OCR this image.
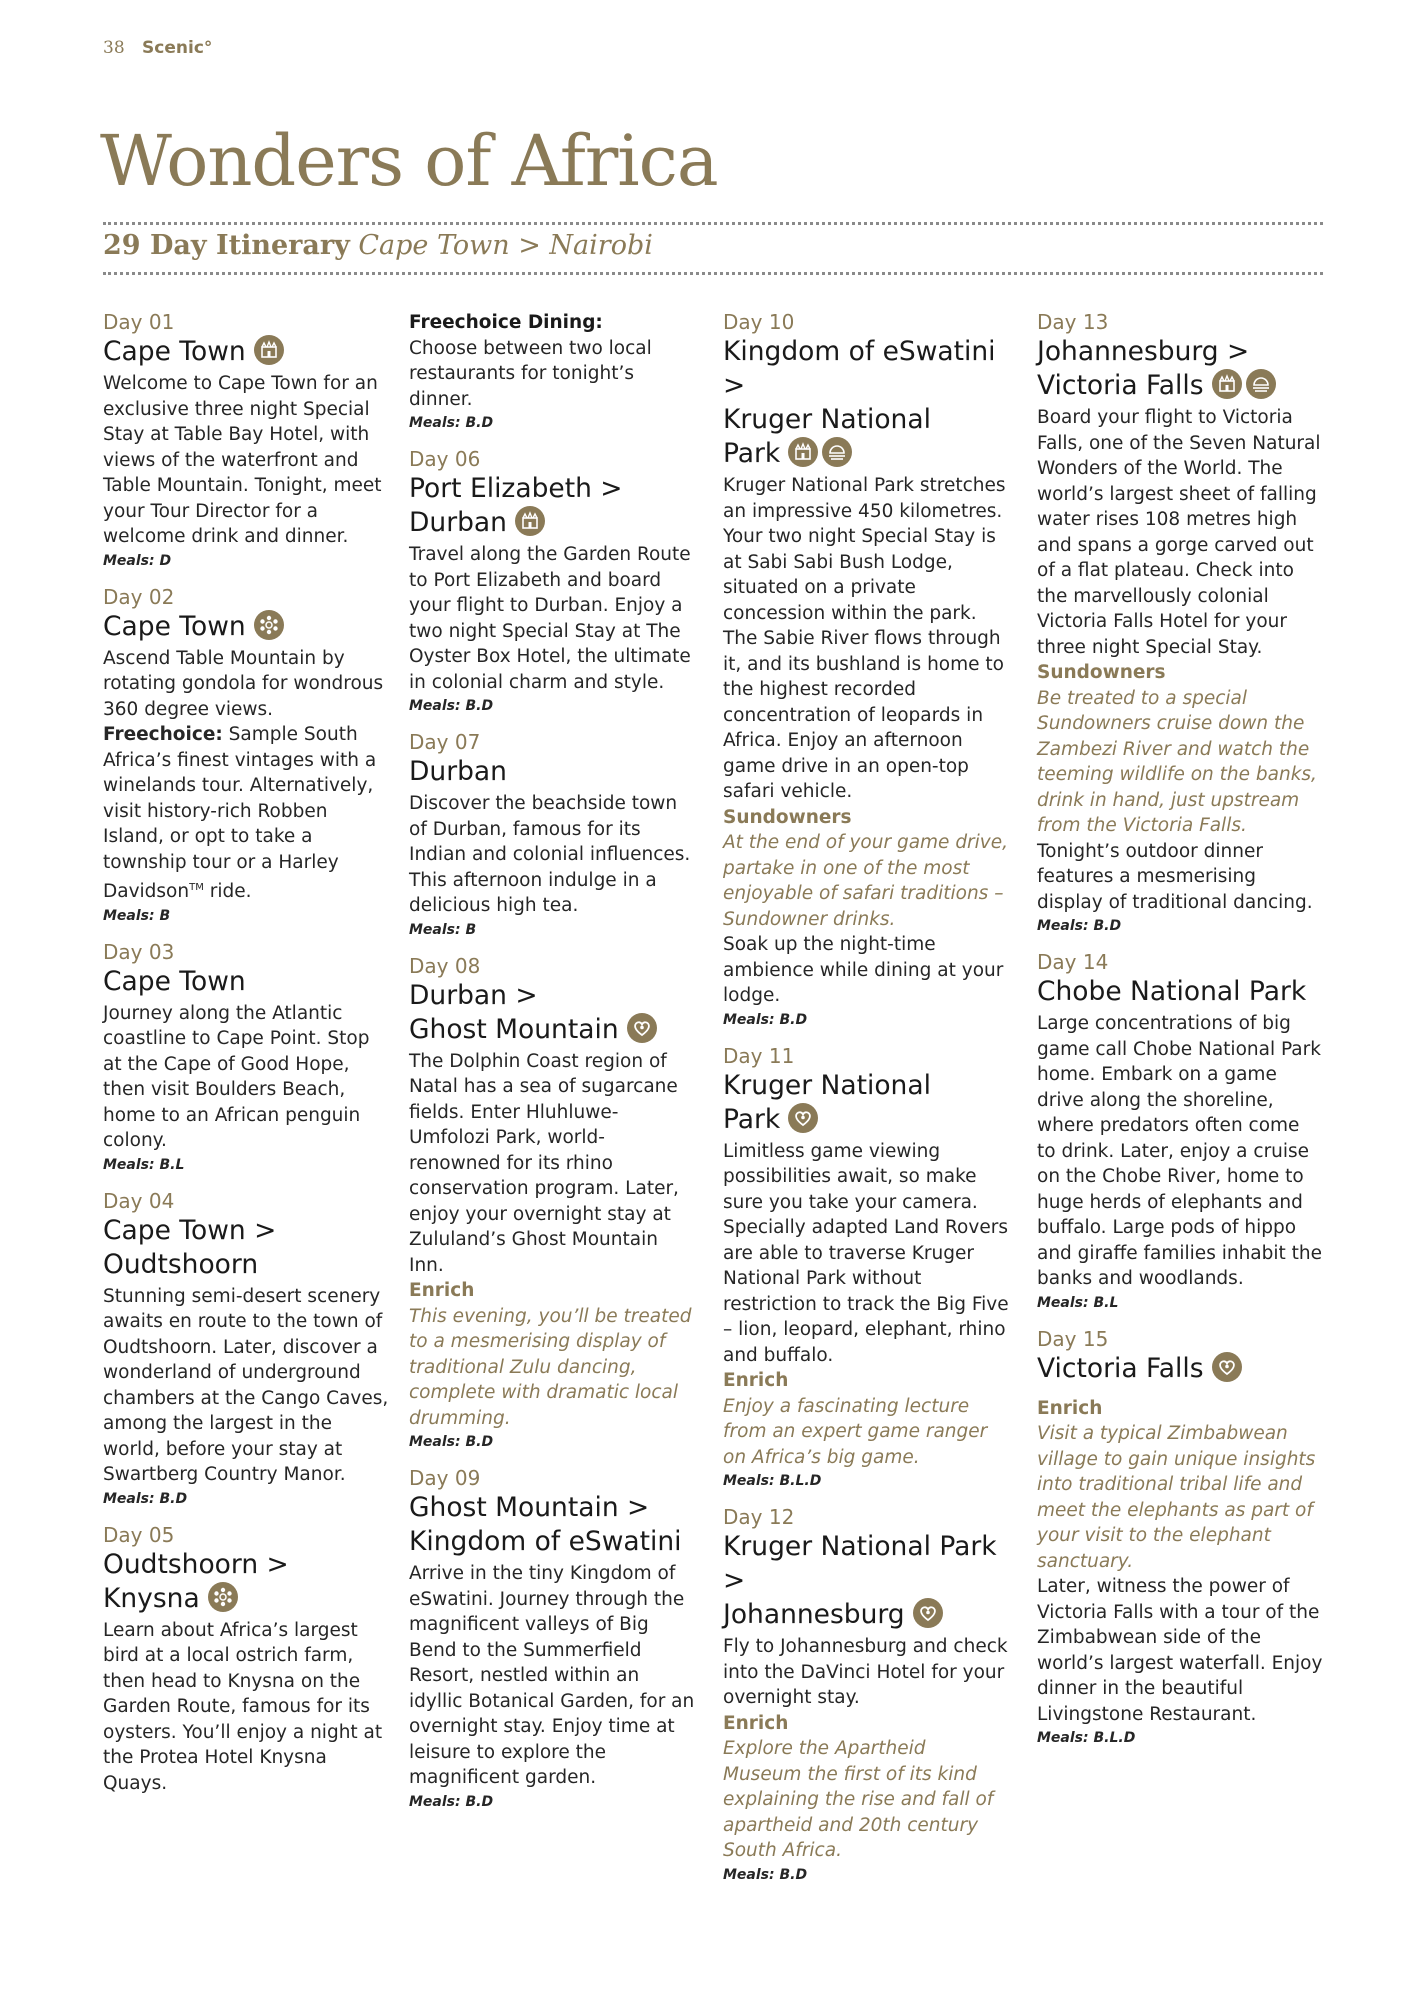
38 Scenic°
Wonders of Africa
29 Day Itinerary Cape Town > Nairobi
Day 01
Cape Town

Welcome to Cape Town for an exclusive three night Special Stay at Table Bay Hotel, with views of the waterfront and Table Mountain. Tonight, meet your Tour Director for a welcome drink and dinner.

Meals: D
Day 02
Cape Town

Ascend Table Mountain by rotating gondola for wondrous 360 degree views. Freechoice: Sample South Africa’s finest vintages with a winelands tour. Alternatively, visit history-rich Robben Island, or opt to take a township tour or a Harley Davidson™ ride.

Meals: B
Day 03
Cape Town

Journey along the Atlantic coastline to Cape Point. Stop at the Cape of Good Hope, then visit Boulders Beach, home to an African penguin colony.

Meals: B.L
Day 04
Cape Town >
Oudtshoorn

Stunning semi-desert scenery awaits en route to the town of Oudtshoorn. Later, discover a wonderland of underground chambers at the Cango Caves, among the largest in the world, before your stay at Swartberg Country Manor.

Meals: B.D
Day 05
Oudtshoorn >
Knysna

Learn about Africa’s largest bird at a local ostrich farm, then head to Knysna on the Garden Route, famous for its oysters. You’ll enjoy a night at the Protea Hotel Knysna Quays.

Freechoice Dining:

Choose between two local restaurants for tonight’s dinner.

Meals: B.D
Day 06
Port Elizabeth >
Durban

Travel along the Garden Route to Port Elizabeth and board your flight to Durban. Enjoy a two night Special Stay at The Oyster Box Hotel, the ultimate in colonial charm and style.

Meals: B.D
Day 07
Durban

Discover the beachside town of Durban, famous for its Indian and colonial influences. This afternoon indulge in a delicious high tea.

Meals: B
Day 08
Durban >
Ghost Mountain

The Dolphin Coast region of Natal has a sea of sugarcane fields. Enter Hluhluwe-Umfolozi Park, world-renowned for its rhino conservation program. Later, enjoy your overnight stay at Zululand’s Ghost Mountain Inn.

Enrich
This evening, you’ll be treated to a mesmerising display of traditional Zulu dancing, complete with dramatic local drumming.
Meals: B.D
Day 09
Ghost Mountain >
Kingdom of eSwatini

Arrive in the tiny Kingdom of eSwatini. Journey through the magnificent valleys of Big Bend to the Summerfield Resort, nestled within an idyllic Botanical Garden, for an overnight stay. Enjoy time at leisure to explore the magnificent garden.

Meals: B.D
Day 10
Kingdom of eSwatini >
Kruger National
Park

Kruger National Park stretches an impressive 450 kilometres. Your two night Special Stay is at Sabi Sabi Bush Lodge, situated on a private concession within the park. The Sabie River flows through it, and its bushland is home to the highest recorded concentration of leopards in Africa. Enjoy an afternoon game drive in an open-top safari vehicle.

Sundowners
At the end of your game drive, partake in one of the most enjoyable of safari traditions – Sundowner drinks.

Soak up the night-time ambience while dining at your lodge.

Meals: B.D
Day 11
Kruger National
Park

Limitless game viewing possibilities await, so make sure you take your camera. Specially adapted Land Rovers are able to traverse Kruger National Park without restriction to track the Big Five – lion, leopard, elephant, rhino and buffalo.

Enrich
Enjoy a fascinating lecture from an expert game ranger on Africa’s big game.
Meals: B.L.D
Day 12
Kruger National Park >
Johannesburg

Fly to Johannesburg and check into the DaVinci Hotel for your overnight stay.

Enrich
Explore the Apartheid Museum the first of its kind explaining the rise and fall of apartheid and 20th century South Africa.
Meals: B.D
Day 13
Johannesburg >
Victoria Falls

Board your flight to Victoria Falls, one of the Seven Natural Wonders of the World. The world’s largest sheet of falling water rises 108 metres high and spans a gorge carved out of a flat plateau. Check into the marvellously colonial Victoria Falls Hotel for your three night Special Stay.

Sundowners
Be treated to a special Sundowners cruise down the Zambezi River and watch the teeming wildlife on the banks, drink in hand, just upstream from the Victoria Falls.

Tonight’s outdoor dinner features a mesmerising display of traditional dancing.

Meals: B.D
Day 14
Chobe National Park

Large concentrations of big game call Chobe National Park home. Embark on a game drive along the shoreline, where predators often come to drink. Later, enjoy a cruise on the Chobe River, home to huge herds of elephants and buffalo. Large pods of hippo and giraffe families inhabit the banks and woodlands.

Meals: B.L
Day 15
Victoria Falls
Enrich
Visit a typical Zimbabwean village to gain unique insights into traditional tribal life and meet the elephants as part of your visit to the elephant sanctuary.

Later, witness the power of Victoria Falls with a tour of the Zimbabwean side of the world’s largest waterfall. Enjoy dinner in the beautiful Livingstone Restaurant.

Meals: B.L.D
